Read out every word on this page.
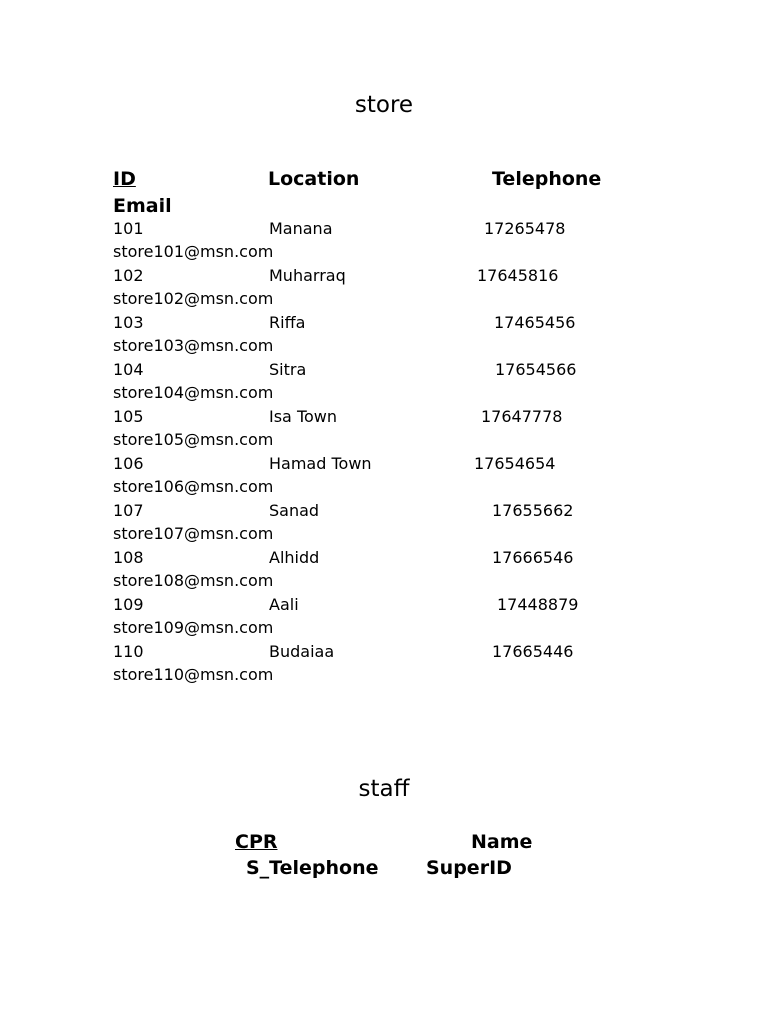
store
ID	Location	Telephone
Email
101	Manana	17265478
store101@msn.com
102	Muharraq	17645816
store102@msn.com
103	Riffa	17465456
store103@msn.com
104	Sitra	17654566
store104@msn.com
105	Isa Town	17647778
store105@msn.com
106	Hamad Town	17654654
store106@msn.com
107	Sanad	17655662
store107@msn.com
108	Alhidd	17666546
store108@msn.com
109	Aali	17448879
store109@msn.com
110	Budaiaa	17665446
store110@msn.com
staff
CPR	Name
S_Telephone	SuperID
